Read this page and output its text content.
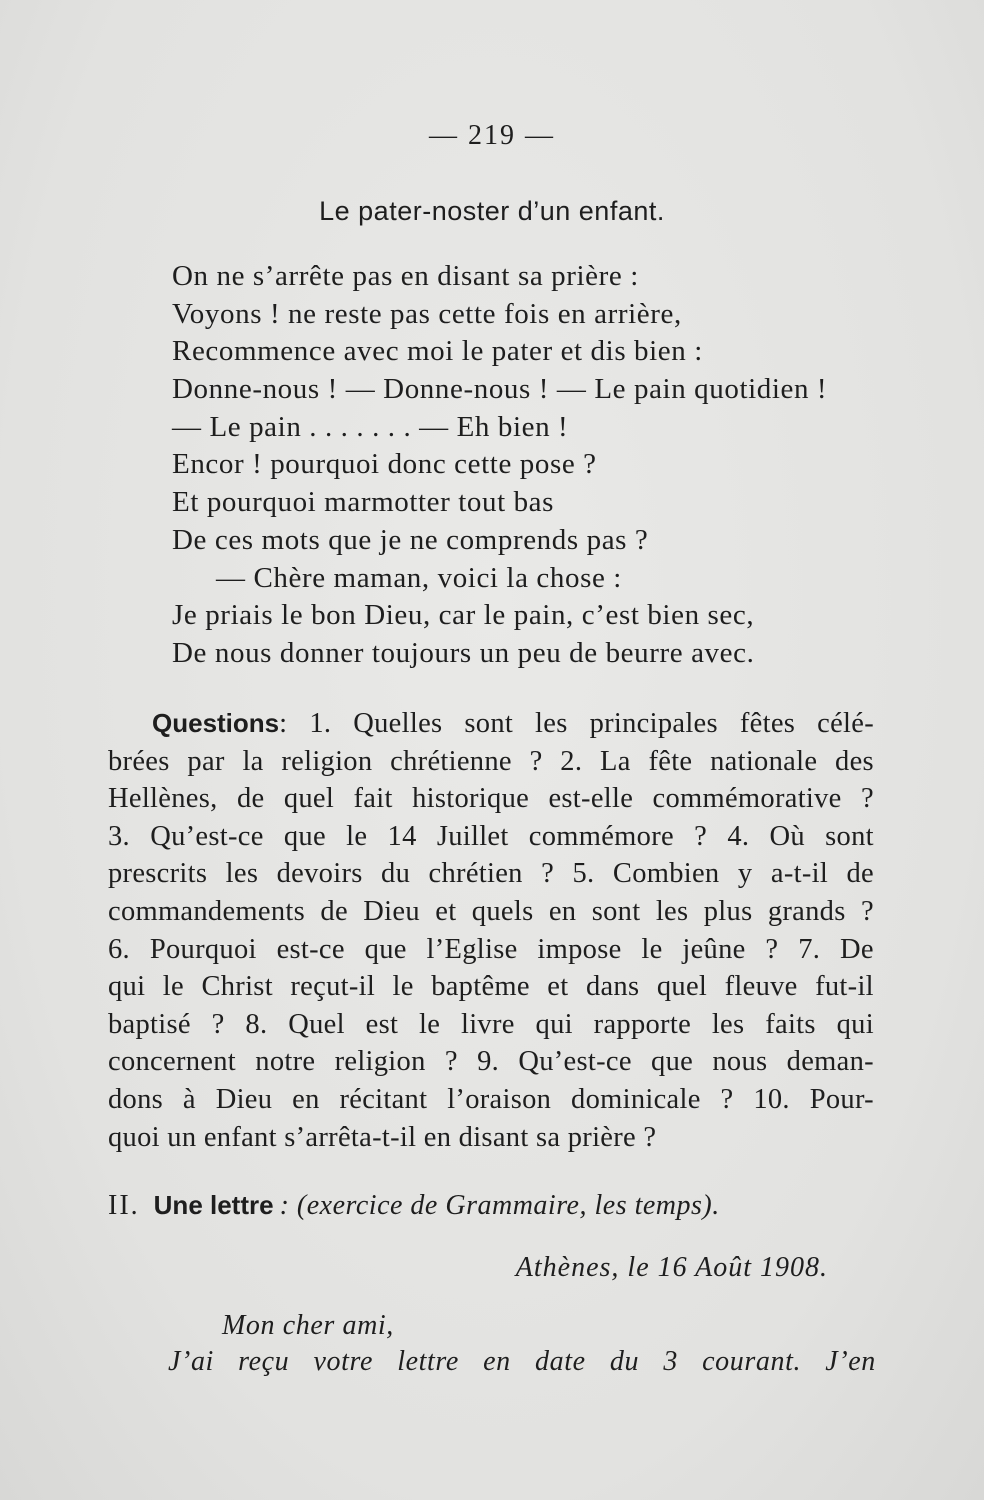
— 219 —
Le pater-noster d’un enfant.
On ne s’arrête pas en disant sa prière :
Voyons ! ne reste pas cette fois en arrière,
Recommence avec moi le pater et dis bien :
Donne-nous ! — Donne-nous ! — Le pain quotidien !
— Le pain . . . . . . . — Eh bien !
Encor ! pourquoi donc cette pose ?
Et pourquoi marmotter tout bas
De ces mots que je ne comprends pas ?
— Chère maman, voici la chose :
Je priais le bon Dieu, car le pain, c’est bien sec,
De nous donner toujours un peu de beurre avec.
Questions : 1. Quelles sont les principales fêtes célé-
brées par la religion chrétienne ? 2. La fête nationale des
Hellènes, de quel fait historique est-elle commémorative ?
3. Qu’est-ce que le 14 Juillet commémore ? 4. Où sont
prescrits les devoirs du chrétien ? 5. Combien y a-t-il de
commandements de Dieu et quels en sont les plus grands ?
6. Pourquoi est-ce que l’Eglise impose le jeûne ? 7. De
qui le Christ reçut-il le baptême et dans quel fleuve fut-il
baptisé ? 8. Quel est le livre qui rapporte les faits qui
concernent notre religion ? 9. Qu’est-ce que nous deman-
dons à Dieu en récitant l’oraison dominicale ? 10. Pour-
quoi un enfant s’arrêta-t-il en disant sa prière ?
II. Une lettre : (exercice de Grammaire, les temps).
Athènes, le 16 Août 1908.
Mon cher ami,
J’ai reçu votre lettre en date du 3 courant. J’en
